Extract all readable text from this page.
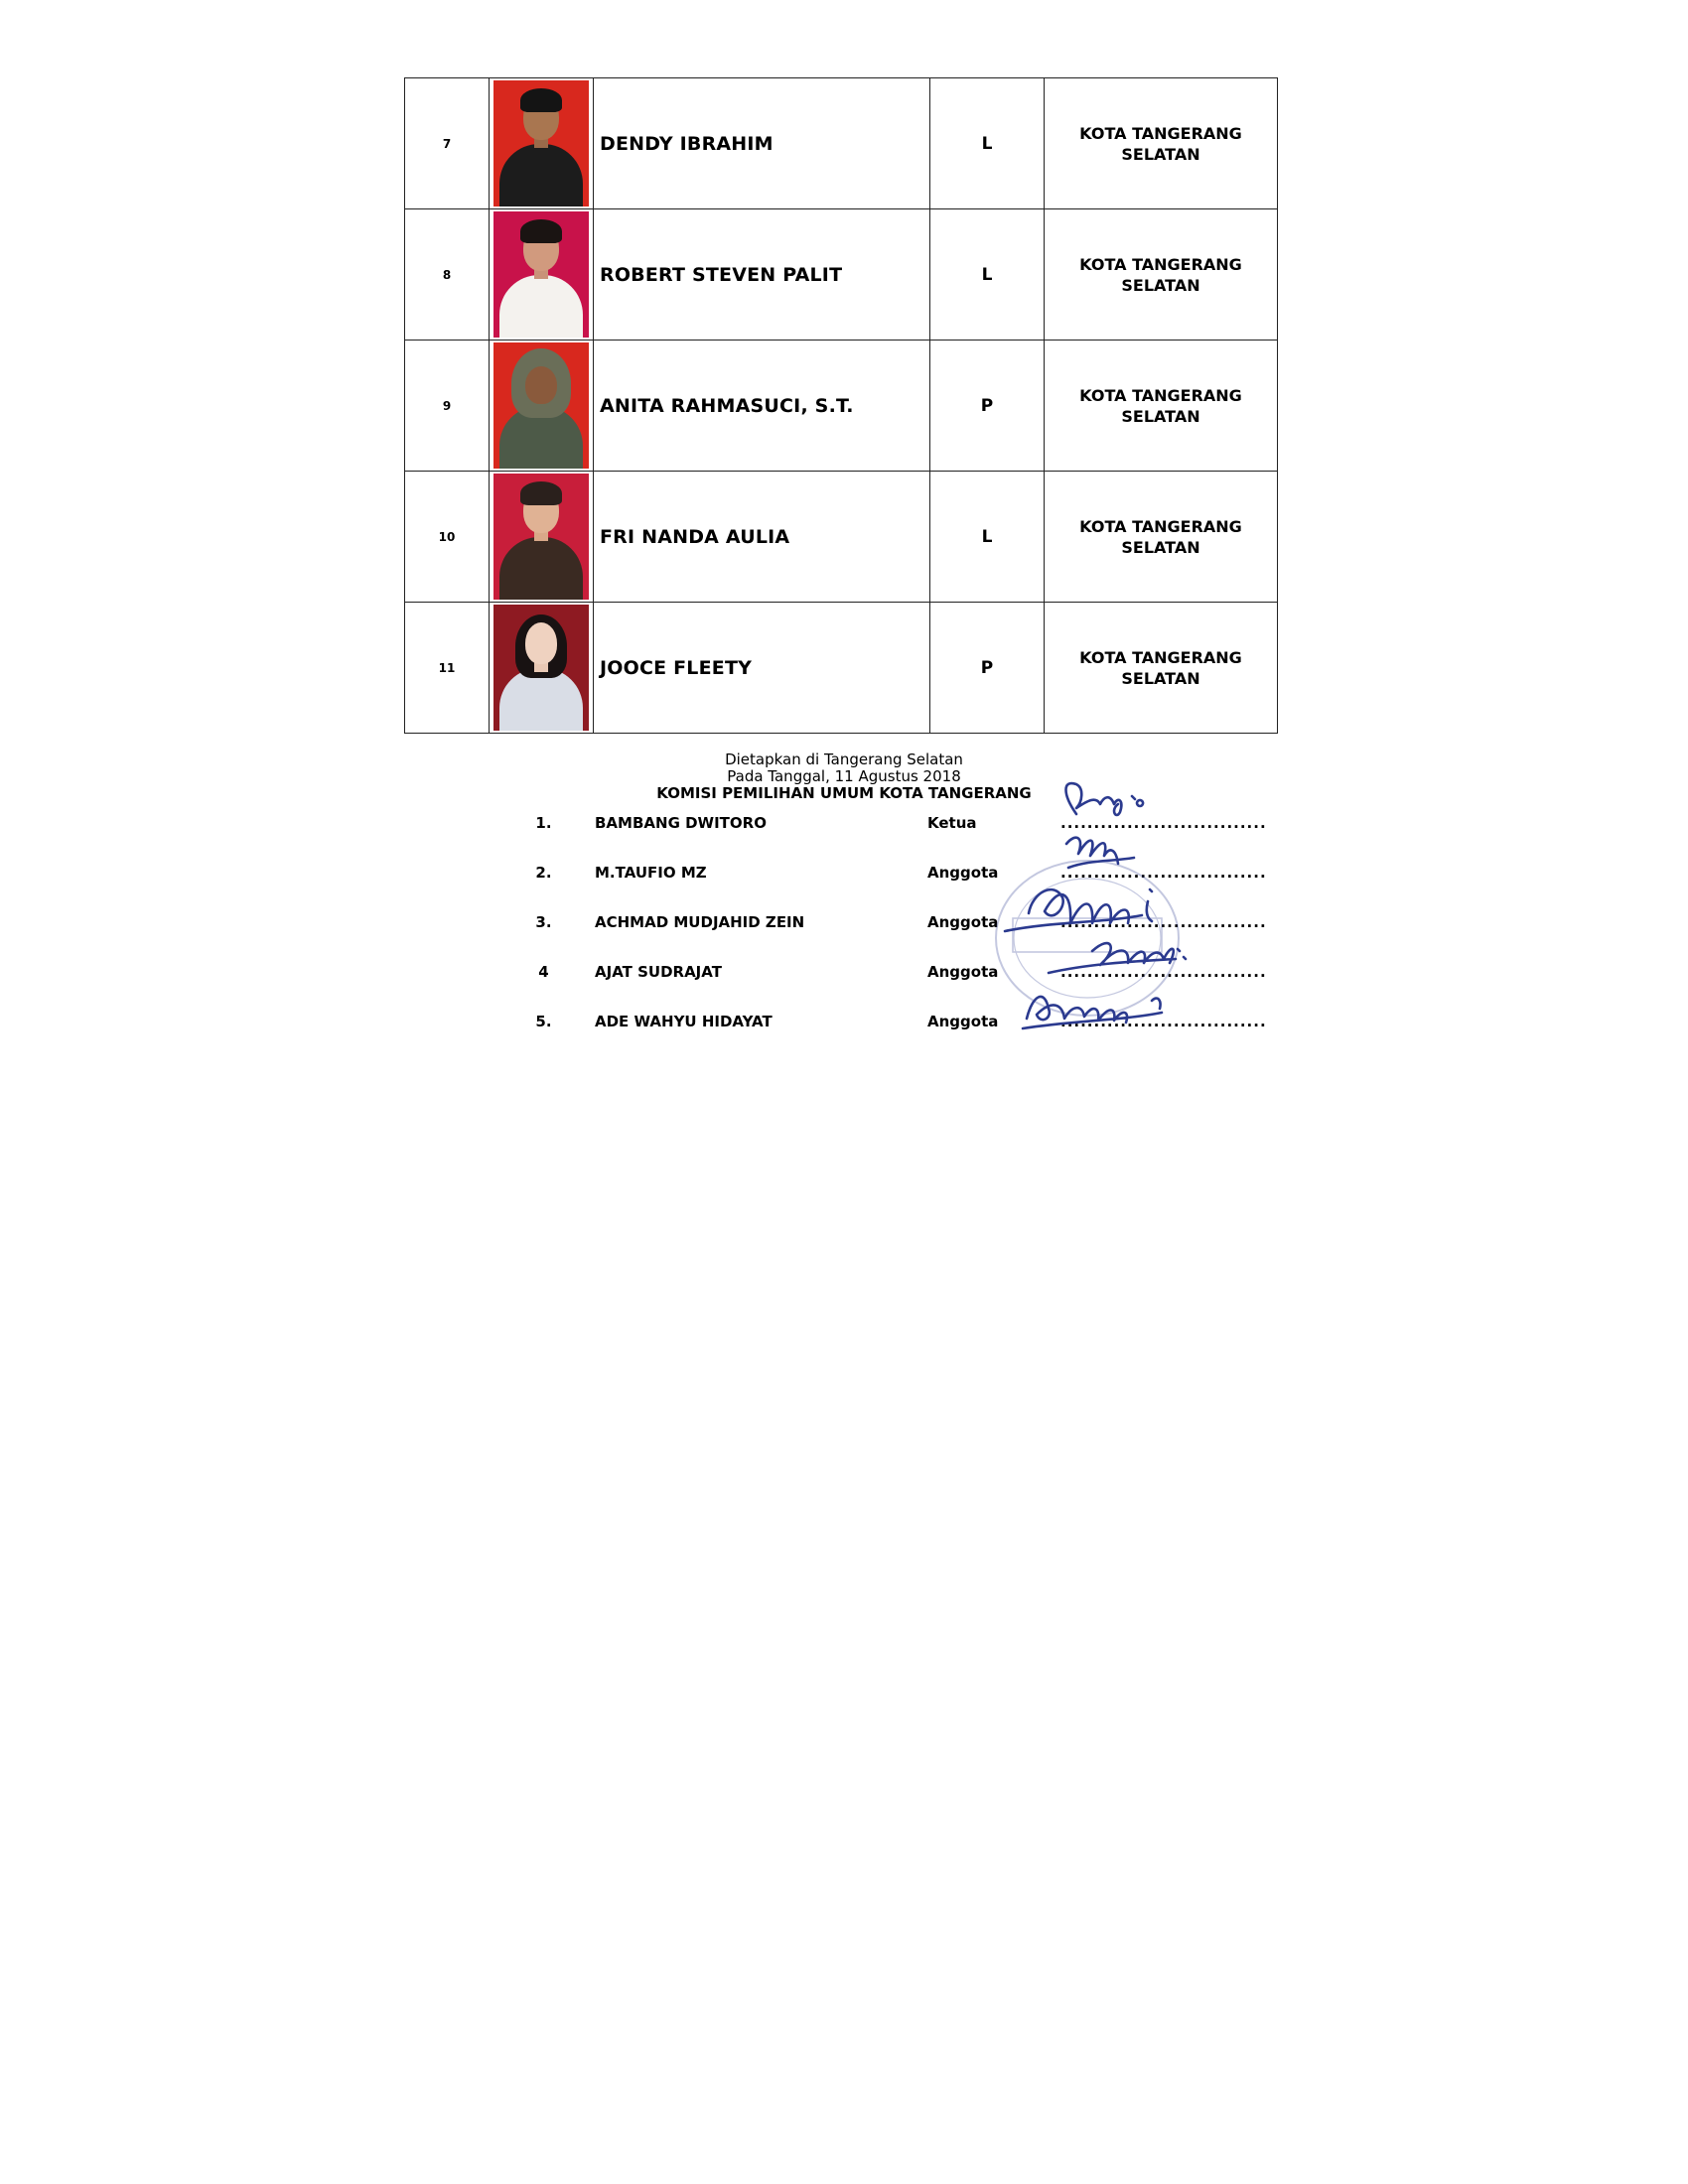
7		DENDY IBRAHIM	L	KOTA TANGERANG
SELATAN

8		ROBERT STEVEN PALIT	L	KOTA TANGERANG
SELATAN

9		ANITA RAHMASUCI, S.T.	P	KOTA TANGERANG
SELATAN

10		FRI NANDA AULIA	L	KOTA TANGERANG
SELATAN

11		JOOCE FLEETY	P	KOTA TANGERANG
SELATAN
Dietapkan di Tangerang Selatan
Pada Tanggal, 11 Agustus 2018
KOMISI PEMILIHAN UMUM KOTA TANGERANG
1.	BAMBANG DWITORO	Ketua	...............................
2.	M.TAUFIO MZ	Anggota	...............................
3.	ACHMAD MUDJAHID ZEIN	Anggota	...............................
4	AJAT SUDRAJAT	Anggota	...............................
5.	ADE WAHYU HIDAYAT	Anggota	...............................
